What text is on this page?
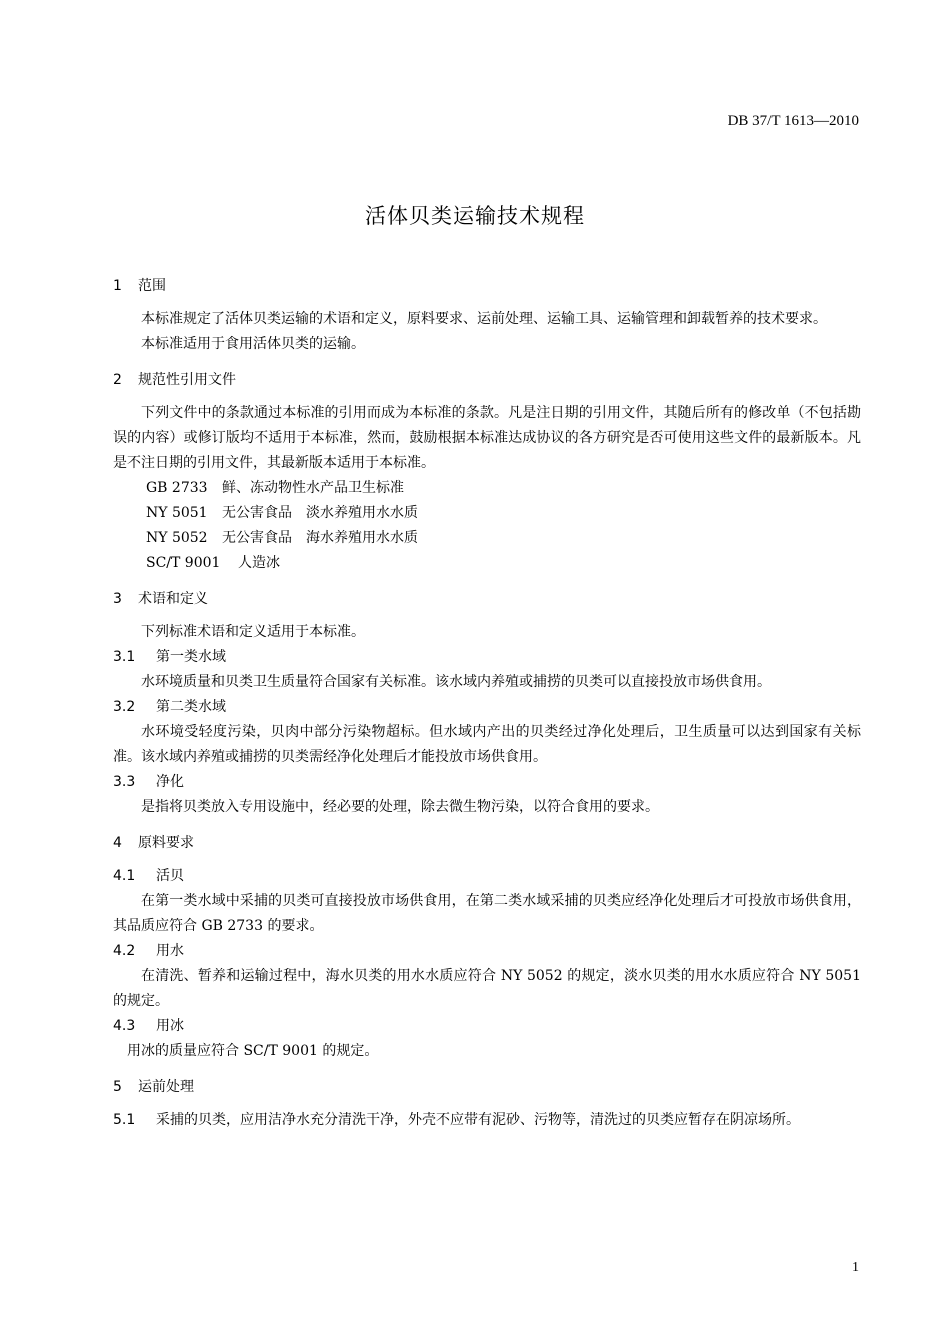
DB 37/T 1613—2010
活体贝类运输技术规程
1 范围

本标准规定了活体贝类运输的术语和定义，原料要求、运前处理、运输工具、运输管理和卸载暂养的技术要求。

本标准适用于食用活体贝类的运输。

2 规范性引用文件

下列文件中的条款通过本标准的引用而成为本标准的条款。凡是注日期的引用文件，其随后所有的修改单（不包括勘误的内容）或修订版均不适用于本标准，然而，鼓励根据本标准达成协议的各方研究是否可使用这些文件的最新版本。凡是不注日期的引用文件，其最新版本适用于本标准。

GB 2733 鲜、冻动物性水产品卫生标准
NY 5051 无公害食品　淡水养殖用水水质
NY 5052 无公害食品　海水养殖用水水质
SC/T 9001 人造冰
3 术语和定义

下列标准术语和定义适用于本标准。

3.1 第一类水域

水环境质量和贝类卫生质量符合国家有关标准。该水域内养殖或捕捞的贝类可以直接投放市场供食用。

3.2 第二类水域

水环境受轻度污染，贝肉中部分污染物超标。但水域内产出的贝类经过净化处理后，卫生质量可以达到国家有关标准。该水域内养殖或捕捞的贝类需经净化处理后才能投放市场供食用。

3.3 净化

是指将贝类放入专用设施中，经必要的处理，除去微生物污染，以符合食用的要求。

4 原料要求
4.1 活贝

在第一类水域中采捕的贝类可直接投放市场供食用，在第二类水域采捕的贝类应经净化处理后才可投放市场供食用，其品质应符合 GB 2733 的要求。

4.2 用水

在清洗、暂养和运输过程中，海水贝类的用水水质应符合 NY 5052 的规定，淡水贝类的用水水质应符合 NY 5051 的规定。

4.3 用冰

用冰的质量应符合 SC/T 9001 的规定。

5 运前处理

5.1 采捕的贝类，应用洁净水充分清洗干净，外壳不应带有泥砂、污物等，清洗过的贝类应暂存在阴凉场所。

1
